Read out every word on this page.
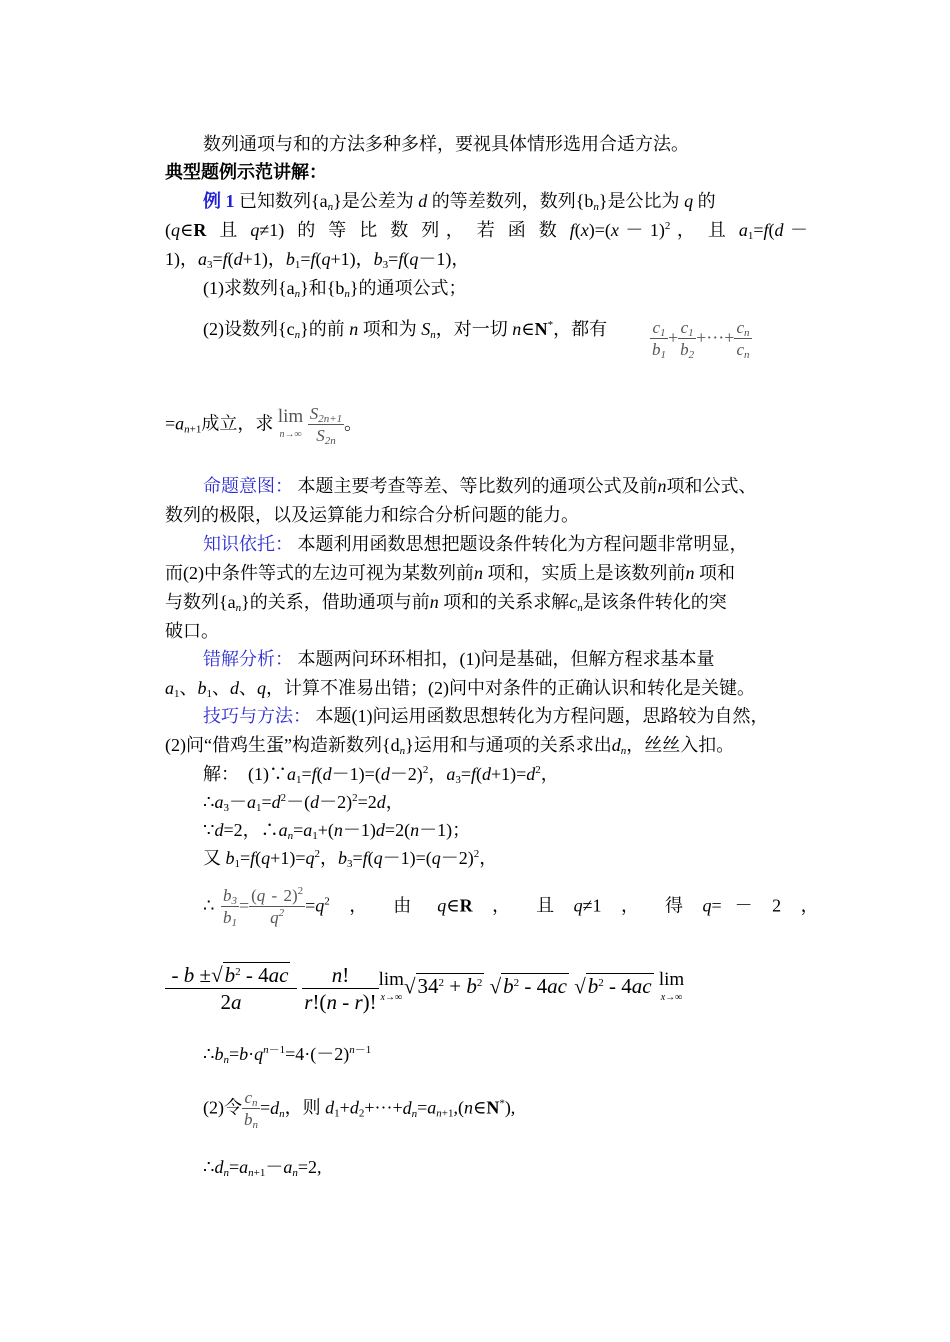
数列通项与和的方法多种多样，要视具体情形选用合适方法。
典型题例示范讲解：
例 1 已知数列$\{a_n\}$是公差为 d 的等差数列，数列$\{b_n\}$是公比为 q 的
(q∈R  且  q≠1)  的  等  比  数  列 ，  若  函  数  $f(x)=(x - 1)^2$ ，  且  $a_1=f(d$ －
1)，$a_3=f(d+1)$，$b_1=f(q+1)$，$b_3=f(q-1)$，
(1)求数列$\{a_n\}$和$\{b_n\}$的通项公式；
(2)设数列$\{c_n\}$的前 n 项和为 $S_n$，对一切 n∈N*，都有	$\frac{c_1}{b_1} + \frac{c_1}{b_2}$ +···+ $\frac{c_n}{c_n}$
$=a_{n+1}$成立，求 lim
n→∞
$\frac{S_{2n+1}}{S_{2n}}$ 。
命题意图： 本题主要考查等差、等比数列的通项公式及前n项和公式、
数列的极限，以及运算能力和综合分析问题的能力。
知识依托： 本题利用函数思想把题设条件转化为方程问题非常明显，
而(2)中条件等式的左边可视为某数列前n 项和，实质上是该数列前n 项和
与数列$\{a_n\}$的关系，借助通项与前n 项和的关系求解$c_n$是该条件转化的突
破口。
错解分析： 本题两问环环相扣，(1)问是基础，但解方程求基本量
$a_1$、$b_1$、d、q，计算不准易出错；(2)问中对条件的正确认识和转化是关键。
技巧与方法： 本题(1)问运用函数思想转化为方程问题，思路较为自然，
(2)问“借鸡生蛋”构造新数列$\{d_n\}$运用和与通项的关系求出$d_n$，丝丝入扣。
解：  $(1)\because a_1=f(d-1)=(d-2)^2$，$a_3=f(d+1)=d^2$，
$\therefore a_3-a_1=d^2-(d-2)^2=2d$，
∵d=2，$\therefore a_n=a_1+(n-1)d=2(n-1)$；
又 $b_1=f(q+1)=q^2$，$b_3=f(q-1)=(q-2)^2$，
∴ $\frac{b_3}{b_1} = \frac{(q - 2)^2}{q^2} =q^2$   ，    由 q∈R   ，    且 q≠1   ，    得 q=  －   2   ，
$\frac{- b \pm√b^2 - 4ac}{2a}$
$\frac{n!}{r!(n - r)!}$ lim
x→∞ $√34^2 + b^2$ $√b^2 - 4ac$ $√b^2 - 4ac$ lim
x→∞
$\therefore b_n=b\cdot q^{n-1}=4\cdot(-2)^{n-1}$
(2)令 $\frac{c_n}{b_n} =d_n$，则 $d_1+d_2+\cdot\cdot\cdot+d_n=a_{n+1},(n\in N^*)$,
$\therefore d_n=a_{n+1}-a_n=2$,
